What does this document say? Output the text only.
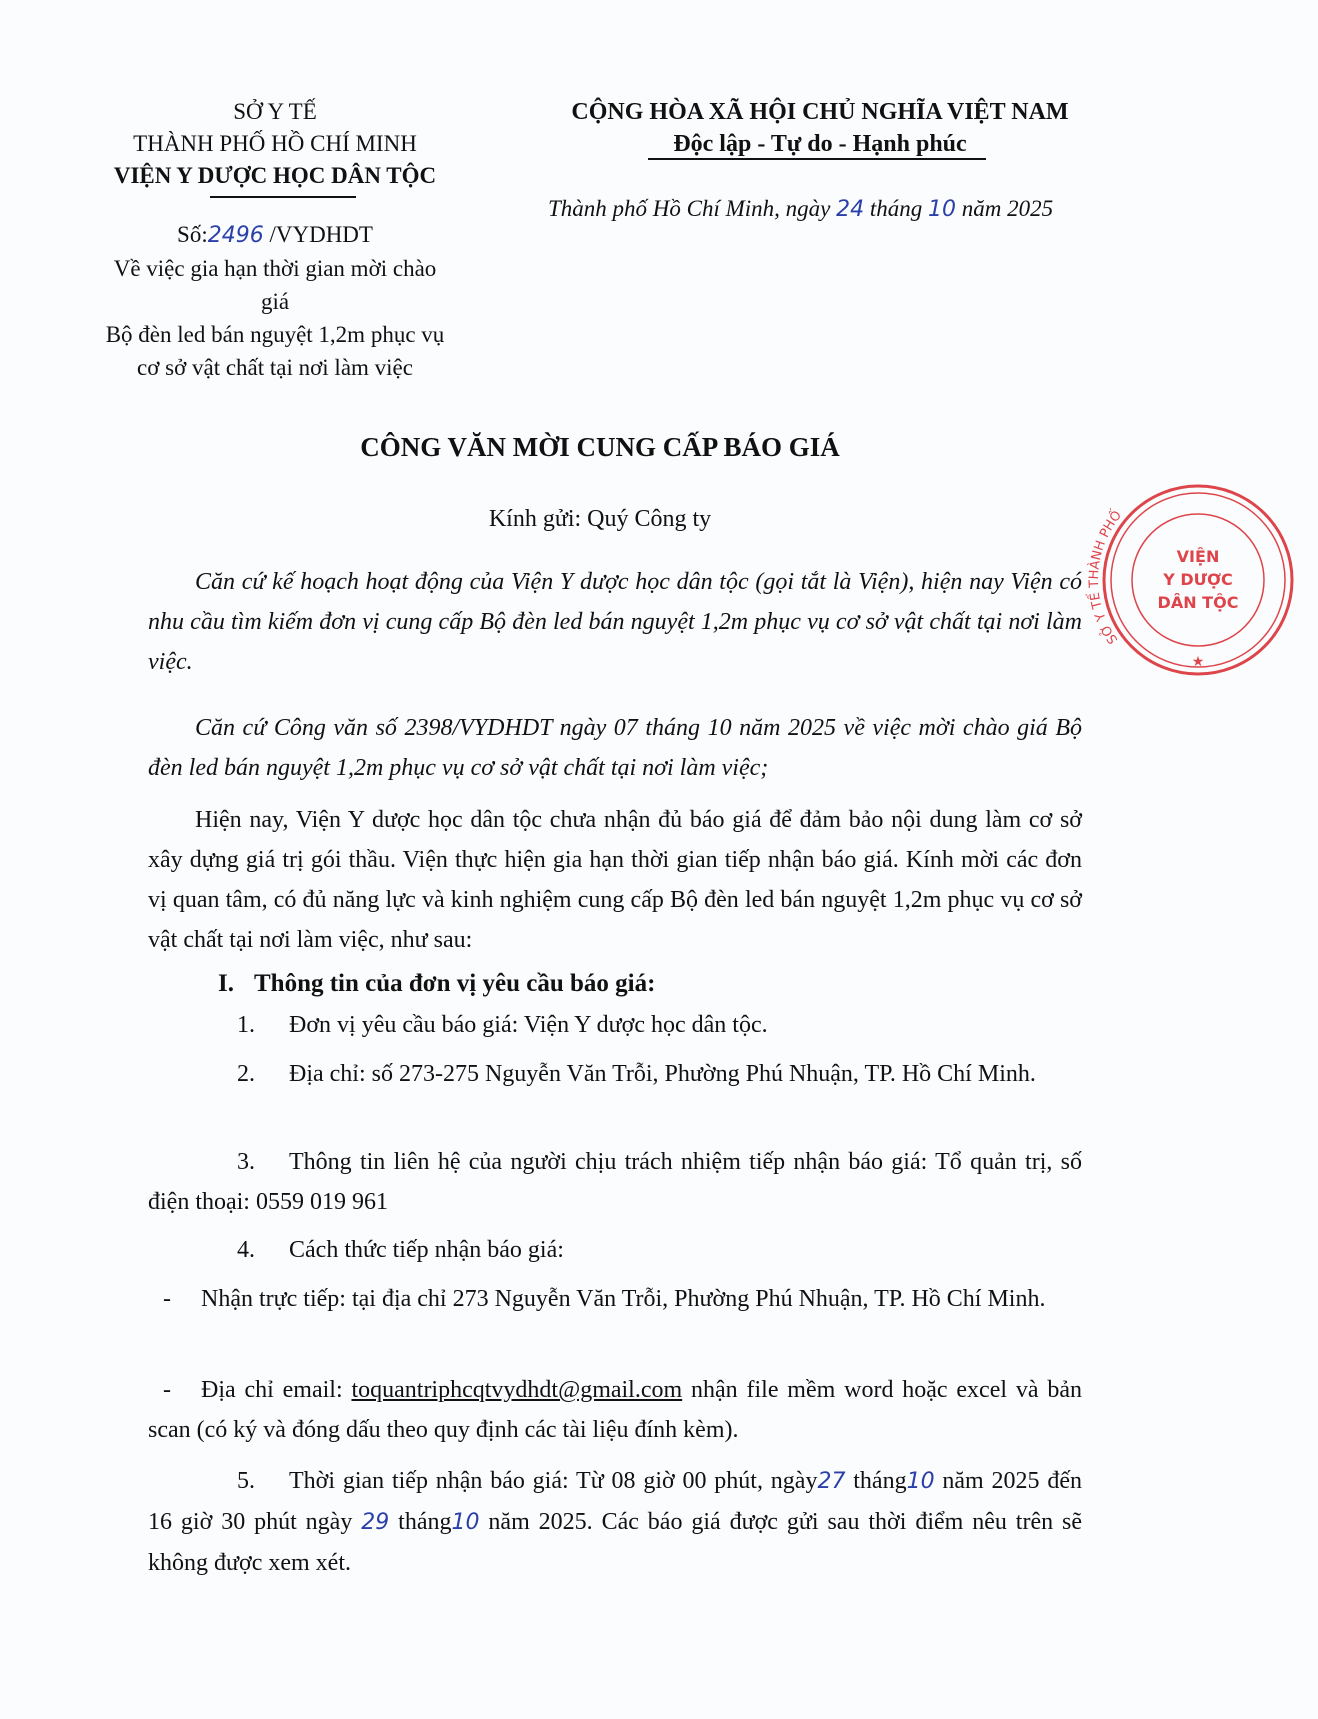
SỞ Y TẾ
THÀNH PHỐ HỒ CHÍ MINH
VIỆN Y DƯỢC HỌC DÂN TỘC
Số:2496 /VYDHDT
Về việc gia hạn thời gian mời chào giá
Bộ đèn led bán nguyệt 1,2m phục vụ
cơ sở vật chất tại nơi làm việc
CỘNG HÒA XÃ HỘI CHỦ NGHĨA VIỆT NAM
Độc lập - Tự do - Hạnh phúc
Thành phố Hồ Chí Minh, ngày 24 tháng 10 năm 2025
CÔNG VĂN MỜI CUNG CẤP BÁO GIÁ
Kính gửi: Quý Công ty
Căn cứ kế hoạch hoạt động của Viện Y dược học dân tộc (gọi tắt là Viện), hiện nay Viện có nhu cầu tìm kiếm đơn vị cung cấp Bộ đèn led bán nguyệt 1,2m phục vụ cơ sở vật chất tại nơi làm việc.
Căn cứ Công văn số 2398/VYDHDT ngày 07 tháng 10 năm 2025 về việc mời chào giá Bộ đèn led bán nguyệt 1,2m phục vụ cơ sở vật chất tại nơi làm việc;
Hiện nay, Viện Y dược học dân tộc chưa nhận đủ báo giá để đảm bảo nội dung làm cơ sở xây dựng giá trị gói thầu. Viện thực hiện gia hạn thời gian tiếp nhận báo giá. Kính mời các đơn vị quan tâm, có đủ năng lực và kinh nghiệm cung cấp Bộ đèn led bán nguyệt 1,2m phục vụ cơ sở vật chất tại nơi làm việc, như sau:
I. Thông tin của đơn vị yêu cầu báo giá:
1. Đơn vị yêu cầu báo giá: Viện Y dược học dân tộc.
2. Địa chỉ: số 273-275 Nguyễn Văn Trỗi, Phường Phú Nhuận, TP. Hồ Chí Minh.
3. Thông tin liên hệ của người chịu trách nhiệm tiếp nhận báo giá: Tổ quản trị, số điện thoại: 0559 019 961
4. Cách thức tiếp nhận báo giá:
- Nhận trực tiếp: tại địa chỉ 273 Nguyễn Văn Trỗi, Phường Phú Nhuận, TP. Hồ Chí Minh.
- Địa chỉ email: toquantriphcqtvydhdt@gmail.com nhận file mềm word hoặc excel và bản scan (có ký và đóng dấu theo quy định các tài liệu đính kèm).
5. Thời gian tiếp nhận báo giá: Từ 08 giờ 00 phút, ngày27 tháng10 năm 2025 đến 16 giờ 30 phút ngày 29 tháng10 năm 2025. Các báo giá được gửi sau thời điểm nêu trên sẽ không được xem xét.
SỞ Y TẾ THÀNH PHỐ
VIỆN
Y DƯỢC
DÂN TỘC
★
